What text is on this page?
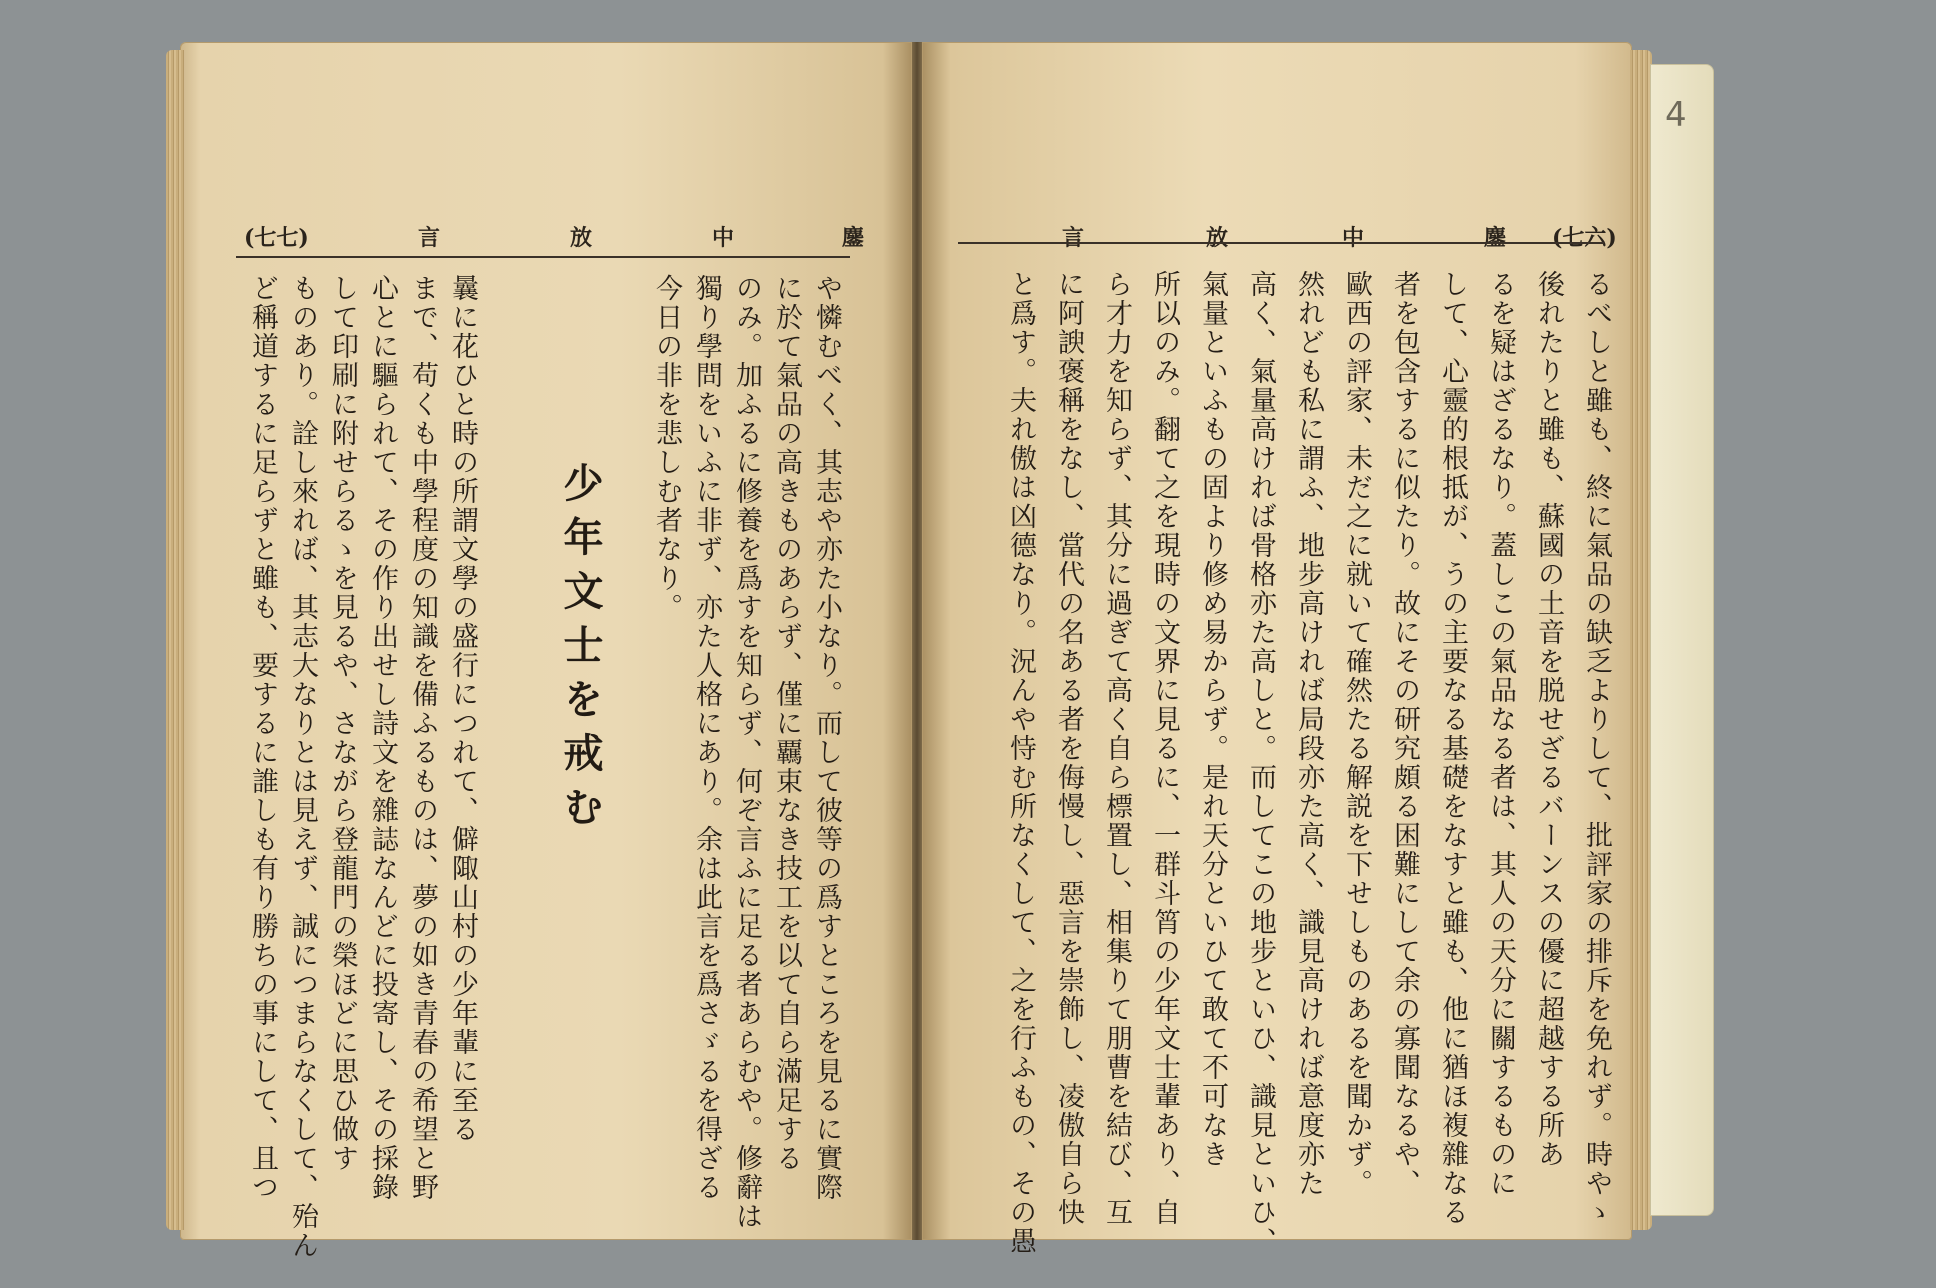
(七七)	言	放	中	鏖
や憐むべく、其志や亦た小なり。而して彼等の爲すところを見るに實際
に於て氣品の高きものあらず、僅に覊束なき技工を以て自ら滿足する
のみ。加ふるに修養を爲すを知らず、何ぞ言ふに足る者あらむや。修辭は
獨り學問をいふに非ず、亦た人格にあり。余は此言を爲さゞるを得ざる
今日の非を悲しむ者なり。
少年文士を戒む
曩に花ひと時の所謂文學の盛行につれて、僻陬山村の少年輩に至る
まで、苟くも中學程度の知識を備ふるものは、夢の如き青春の希望と野
心とに驅られて、その作り出せし詩文を雜誌なんどに投寄し、その採錄
して印刷に附せらるゝを見るや、さながら登龍門の榮ほどに思ひ做す
ものあり。詮し來れば、其志大なりとは見えず、誠につまらなくして、殆ん
ど稱道するに足らずと雖も、要するに誰しも有り勝ちの事にして、且つ
言	放	中	鏖 (七六)
るべしと雖も、終に氣品の缺乏よりして、批評家の排斥を免れず。時やゝ
後れたりと雖も、蘇國の土音を脱せざるバーンスの優に超越する所あ
るを疑はざるなり。蓋しこの氣品なる者は、其人の天分に關するものに
して、心靈的根抵が、うの主要なる基礎をなすと雖も、他に猶ほ複雜なる
者を包含するに似たり。故にその研究頗る困難にして余の寡聞なるや、
歐西の評家、未だ之に就いて確然たる解説を下せしものあるを聞かず。
然れども私に謂ふ、地步高ければ局段亦た高く、識見高ければ意度亦た
高く、氣量高ければ骨格亦た高しと。而してこの地步といひ、識見といひ、
氣量といふもの固より修め易からず。是れ天分といひて敢て不可なき
所以のみ。翻て之を現時の文界に見るに、一群斗筲の少年文士輩あり、自
ら才力を知らず、其分に過ぎて高く自ら標置し、相集りて朋曹を結び、互
に阿諛褒稱をなし、當代の名ある者を侮慢し、惡言を崇飾し、凌傲自ら快
と爲す。夫れ傲は凶德なり。況んや恃む所なくして、之を行ふもの、その愚
4
